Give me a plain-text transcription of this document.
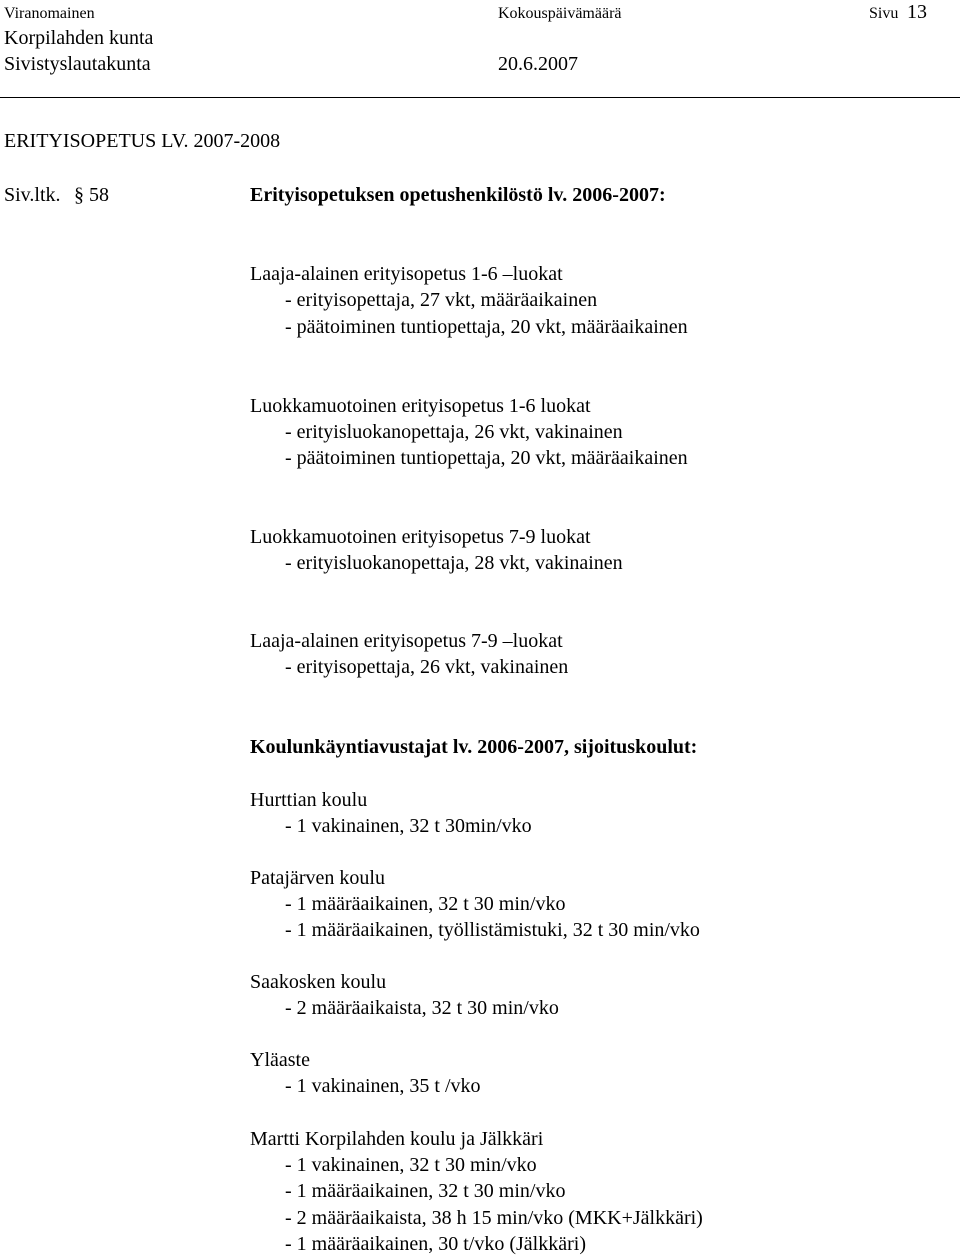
Viranomainen	Kokouspäivämäärä	Sivu 13
Korpilahden kunta
Sivistyslautakunta	20.6.2007
ERITYISOPETUS LV. 2007-2008
Siv.ltk. § 58	Erityisopetuksen opetushenkilöstö lv. 2006-2007:
Laaja-alainen erityisopetus 1-6 –luokat
- erityisopettaja, 27 vkt, määräaikainen
- päätoiminen tuntiopettaja, 20 vkt, määräaikainen
Luokkamuotoinen erityisopetus 1-6 luokat
- erityisluokanopettaja, 26 vkt, vakinainen
- päätoiminen tuntiopettaja, 20 vkt, määräaikainen
Luokkamuotoinen erityisopetus 7-9 luokat
- erityisluokanopettaja, 28 vkt, vakinainen
Laaja-alainen erityisopetus 7-9 –luokat
- erityisopettaja, 26 vkt, vakinainen
Koulunkäyntiavustajat lv. 2006-2007, sijoituskoulut:
Hurttian koulu
- 1 vakinainen, 32 t 30min/vko
Patajärven koulu
- 1 määräaikainen, 32 t 30 min/vko
- 1 määräaikainen, työllistämistuki, 32 t 30 min/vko
Saakosken koulu
- 2 määräaikaista, 32 t 30 min/vko
Yläaste
- 1 vakinainen, 35 t /vko
Martti Korpilahden koulu ja Jälkkäri
- 1 vakinainen, 32 t 30 min/vko
- 1 määräaikainen, 32 t 30 min/vko
- 2 määräaikaista, 38 h 15 min/vko (MKK+Jälkkäri)
- 1 määräaikainen, 30 t/vko (Jälkkäri)
